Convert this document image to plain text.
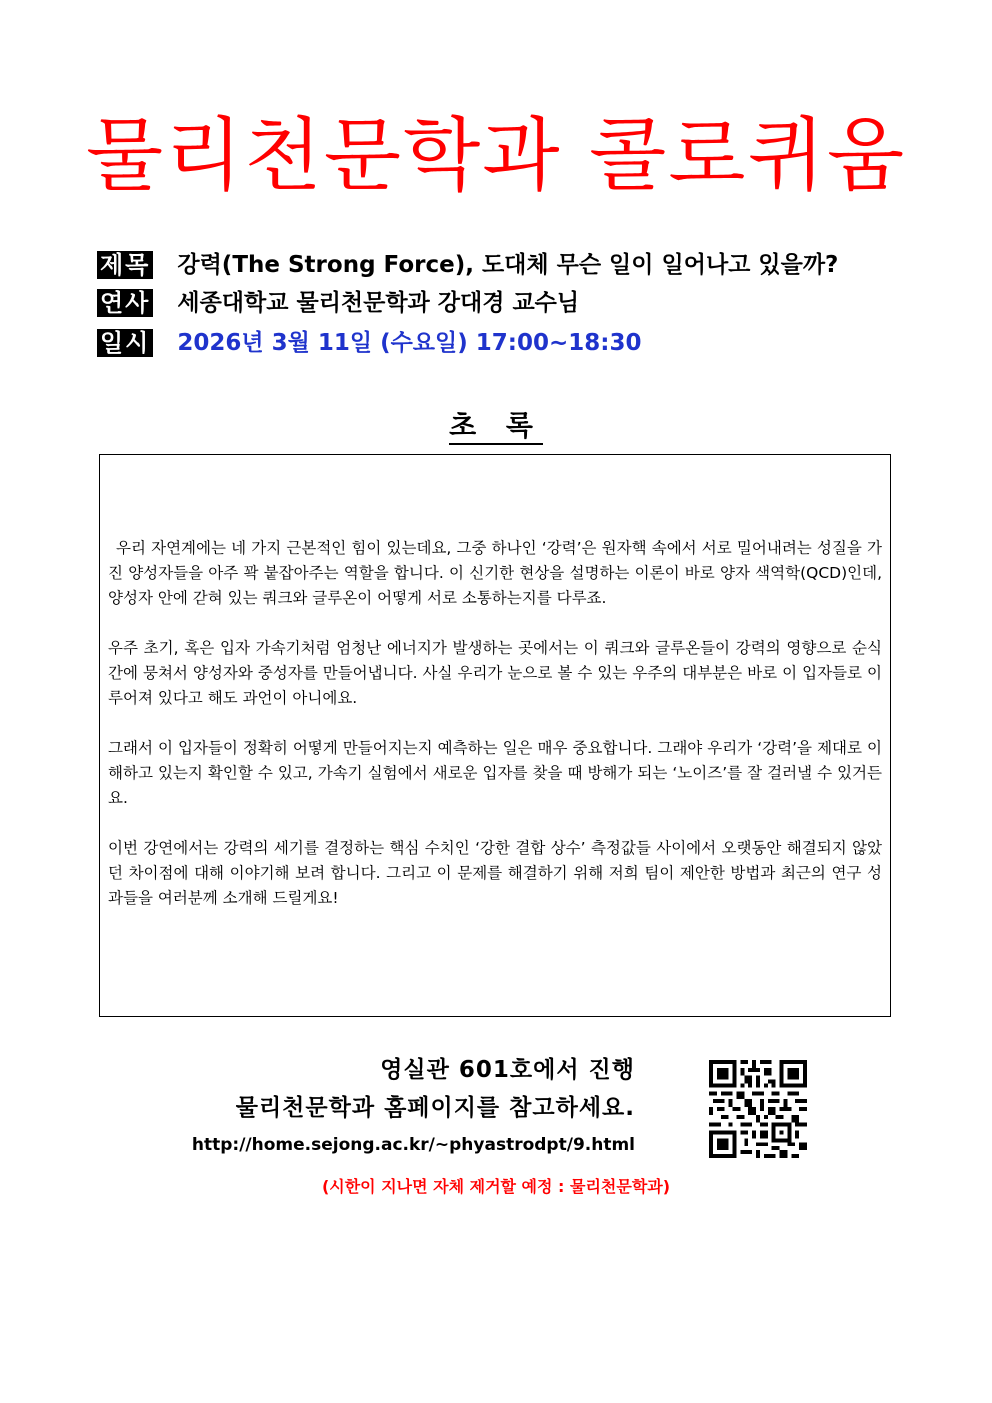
물리천문학과 콜로퀴움
제목 강력(The Strong Force), 도대체 무슨 일이 일어나고 있을까?
연사 세종대학교 물리천문학과 강대경 교수님
일시 2026년 3월 11일 (수요일) 17:00~18:30
초 록

우리 자연계에는 네 가지 근본적인 힘이 있는데요, 그중 하나인 ‘강력’은 원자핵 속에서 서로 밀어내려는 성질을 가진 양성자들을 아주 꽉 붙잡아주는 역할을 합니다. 이 신기한 현상을 설명하는 이론이 바로 양자 색역학(QCD)인데, 양성자 안에 갇혀 있는 쿼크와 글루온이 어떻게 서로 소통하는지를 다루죠.

우주 초기, 혹은 입자 가속기처럼 엄청난 에너지가 발생하는 곳에서는 이 쿼크와 글루온들이 강력의 영향으로 순식간에 뭉쳐서 양성자와 중성자를 만들어냅니다. 사실 우리가 눈으로 볼 수 있는 우주의 대부분은 바로 이 입자들로 이루어져 있다고 해도 과언이 아니에요.

그래서 이 입자들이 정확히 어떻게 만들어지는지 예측하는 일은 매우 중요합니다. 그래야 우리가 ‘강력’을 제대로 이해하고 있는지 확인할 수 있고, 가속기 실험에서 새로운 입자를 찾을 때 방해가 되는 ‘노이즈’를 잘 걸러낼 수 있거든요.

이번 강연에서는 강력의 세기를 결정하는 핵심 수치인 ‘강한 결합 상수’ 측정값들 사이에서 오랫동안 해결되지 않았던 차이점에 대해 이야기해 보려 합니다. 그리고 이 문제를 해결하기 위해 저희 팀이 제안한 방법과 최근의 연구 성과들을 여러분께 소개해 드릴게요!

영실관 601호에서 진행
물리천문학과 홈페이지를 참고하세요.
http://home.sejong.ac.kr/~phyastrodpt/9.html
(시한이 지나면 자체 제거할 예정 : 물리천문학과)
